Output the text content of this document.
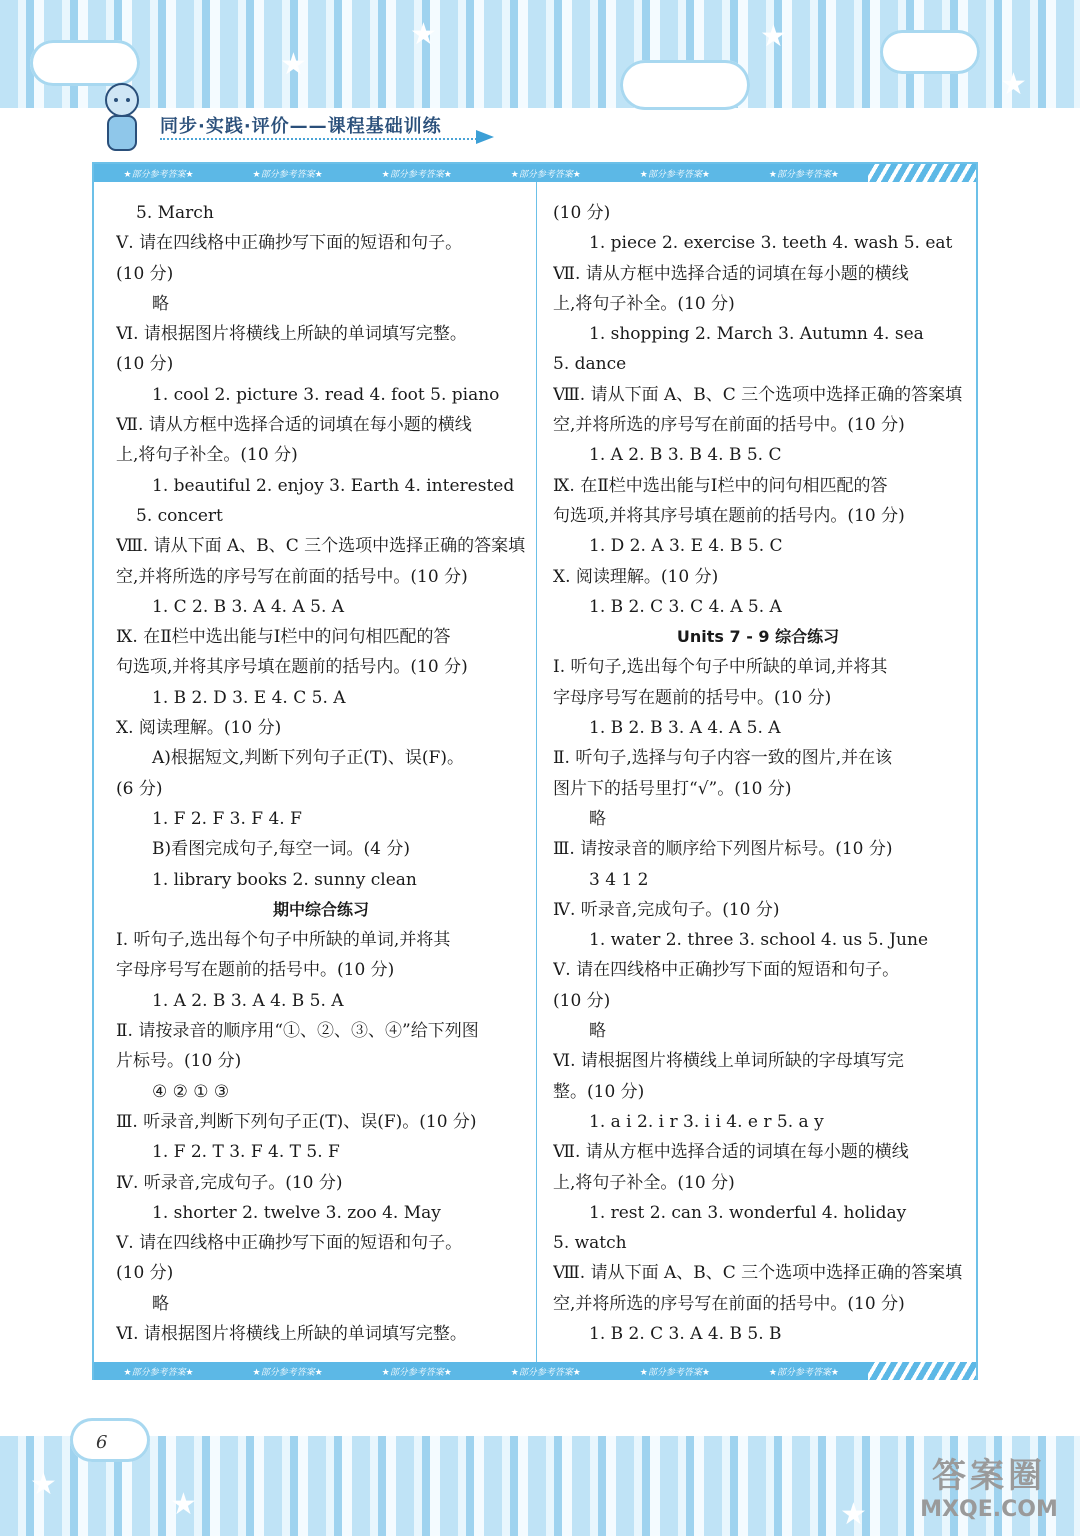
★
★	★
★
同步·实践·评价——课程基础训练
★部分参考答案★	★部分参考答案★	★部分参考答案★	★部分参考答案★	★部分参考答案★	★部分参考答案★
★部分参考答案★	★部分参考答案★	★部分参考答案★	★部分参考答案★	★部分参考答案★	★部分参考答案★
5. March
Ⅴ. 请在四线格中正确抄写下面的短语和句子。
(10 分)
略
Ⅵ. 请根据图片将横线上所缺的单词填写完整。
(10 分)
1. cool 2. picture 3. read 4. foot 5. piano
Ⅶ. 请从方框中选择合适的词填在每小题的横线
上,将句子补全。(10 分)
1. beautiful 2. enjoy 3. Earth 4. interested
5. concert
Ⅷ. 请从下面 A、B、C 三个选项中选择正确的答案填
空,并将所选的序号写在前面的括号中。(10 分)
1. C 2. B 3. A 4. A 5. A
Ⅸ. 在Ⅱ栏中选出能与Ⅰ栏中的问句相匹配的答
句选项,并将其序号填在题前的括号内。(10 分)
1. B 2. D 3. E 4. C 5. A
Ⅹ. 阅读理解。(10 分)
A)根据短文,判断下列句子正(T)、误(F)。
(6 分)
1. F 2. F 3. F 4. F
B)看图完成句子,每空一词。(4 分)
1. library books 2. sunny clean
期中综合练习
Ⅰ. 听句子,选出每个句子中所缺的单词,并将其
字母序号写在题前的括号中。(10 分)
1. A 2. B 3. A 4. B 5. A
Ⅱ. 请按录音的顺序用“①、②、③、④”给下列图
片标号。(10 分)
④ ② ① ③
Ⅲ. 听录音,判断下列句子正(T)、误(F)。(10 分)
1. F 2. T 3. F 4. T 5. F
Ⅳ. 听录音,完成句子。(10 分)
1. shorter 2. twelve 3. zoo 4. May
Ⅴ. 请在四线格中正确抄写下面的短语和句子。
(10 分)
略
Ⅵ. 请根据图片将横线上所缺的单词填写完整。
(10 分)
1. piece 2. exercise 3. teeth 4. wash 5. eat
Ⅶ. 请从方框中选择合适的词填在每小题的横线
上,将句子补全。(10 分)
1. shopping 2. March 3. Autumn 4. sea
5. dance
Ⅷ. 请从下面 A、B、C 三个选项中选择正确的答案填
空,并将所选的序号写在前面的括号中。(10 分)
1. A 2. B 3. B 4. B 5. C
Ⅸ. 在Ⅱ栏中选出能与Ⅰ栏中的问句相匹配的答
句选项,并将其序号填在题前的括号内。(10 分)
1. D 2. A 3. E 4. B 5. C
Ⅹ. 阅读理解。(10 分)
1. B 2. C 3. C 4. A 5. A
Units 7 - 9 综合练习
Ⅰ. 听句子,选出每个句子中所缺的单词,并将其
字母序号写在题前的括号中。(10 分)
1. B 2. B 3. A 4. A 5. A
Ⅱ. 听句子,选择与句子内容一致的图片,并在该
图片下的括号里打“√”。(10 分)
略
Ⅲ. 请按录音的顺序给下列图片标号。(10 分)
3 4 1 2
Ⅳ. 听录音,完成句子。(10 分)
1. water 2. three 3. school 4. us 5. June
Ⅴ. 请在四线格中正确抄写下面的短语和句子。
(10 分)
略
Ⅵ. 请根据图片将横线上单词所缺的字母填写完
整。(10 分)
1. a i 2. i r 3. i i 4. e r 5. a y
Ⅶ. 请从方框中选择合适的词填在每小题的横线
上,将句子补全。(10 分)
1. rest 2. can 3. wonderful 4. holiday
5. watch
Ⅷ. 请从下面 A、B、C 三个选项中选择正确的答案填
空,并将所选的序号写在前面的括号中。(10 分)
1. B 2. C 3. A 4. B 5. B
★
★
★
6
答案圈
MXQE.COM
